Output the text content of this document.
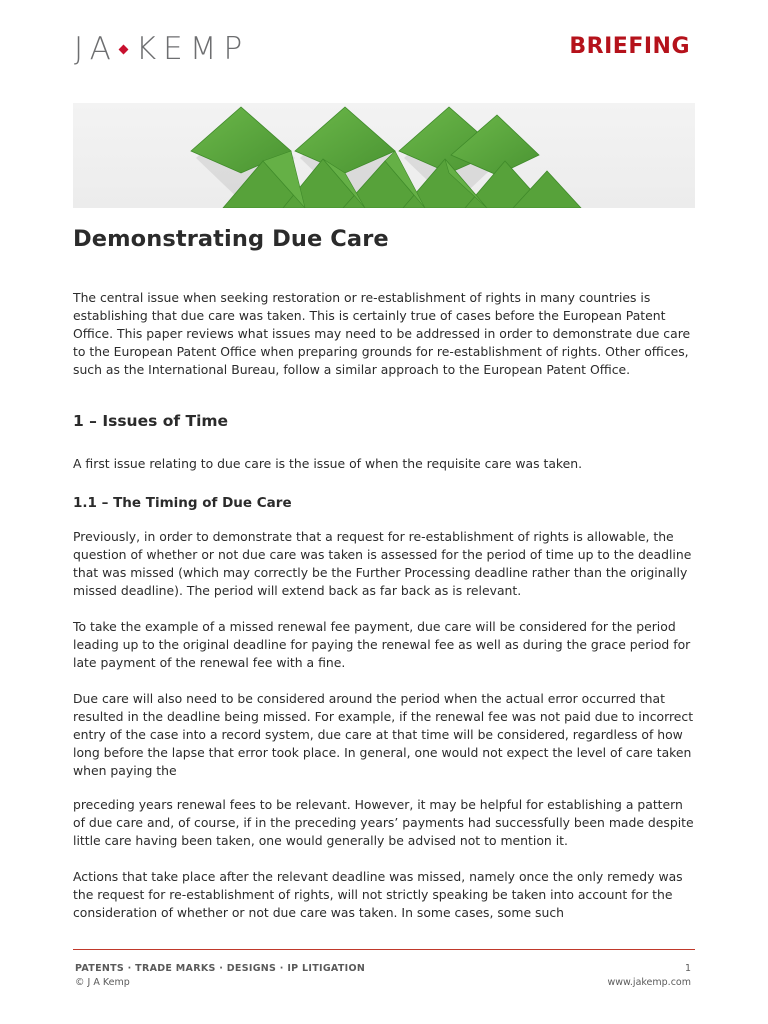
JA KEMP	BRIEFING
Demonstrating Due Care

The central issue when seeking restoration or re-establishment of rights in many countries is establishing that due care was taken. This is certainly true of cases before the European Patent Office. This paper reviews what issues may need to be addressed in order to demonstrate due care to the European Patent Office when preparing grounds for re-establishment of rights. Other offices, such as the International Bureau, follow a similar approach to the European Patent Office.

1 – Issues of Time

A first issue relating to due care is the issue of when the requisite care was taken.

1.1 – The Timing of Due Care

Previously, in order to demonstrate that a request for re-establishment of rights is allowable, the question of whether or not due care was taken is assessed for the period of time up to the deadline that was missed (which may correctly be the Further Processing deadline rather than the originally missed deadline). The period will extend back as far back as is relevant.

To take the example of a missed renewal fee payment, due care will be considered for the period leading up to the original deadline for paying the renewal fee as well as during the grace period for late payment of the renewal fee with a fine.

Due care will also need to be considered around the period when the actual error occurred that resulted in the deadline being missed. For example, if the renewal fee was not paid due to incorrect entry of the case into a record system, due care at that time will be considered, regardless of how long before the lapse that error took place. In general, one would not expect the level of care taken when paying the

preceding years renewal fees to be relevant. However, it may be helpful for establishing a pattern of due care and, of course, if in the preceding years’ payments had successfully been made despite little care having been taken, one would generally be advised not to mention it.

Actions that take place after the relevant deadline was missed, namely once the only remedy was the request for re-establishment of rights, will not strictly speaking be taken into account for the consideration of whether or not due care was taken. In some cases, some such

PATENTS · TRADE MARKS · DESIGNS · IP LITIGATION
© J A Kemp
1
www.jakemp.com
